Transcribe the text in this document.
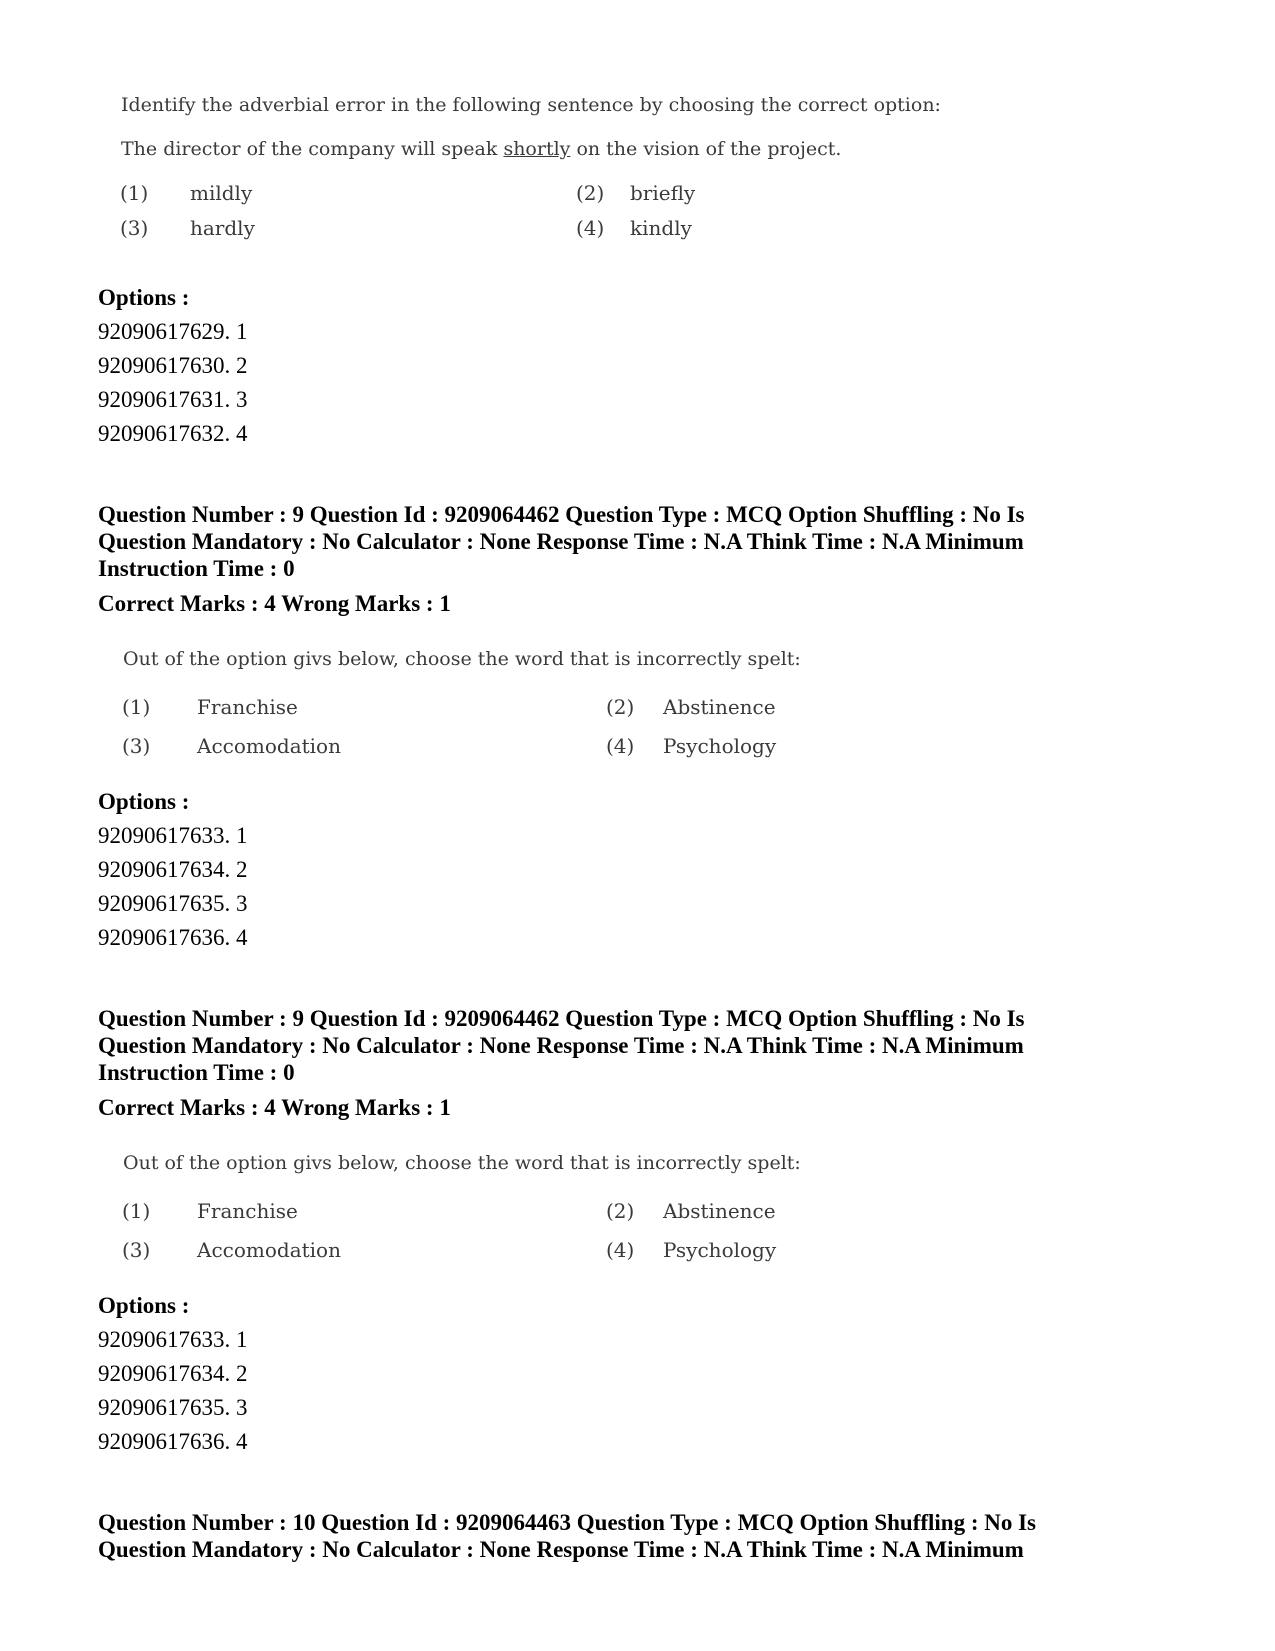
Identify the adverbial error in the following sentence by choosing the correct option:
The director of the company will speak shortly on the vision of the project.
(1) mildly	(2) briefly
(3) hardly	(4) kindly
Options :
92090617629. 1
92090617630. 2
92090617631. 3
92090617632. 4
Question Number : 9 Question Id : 9209064462 Question Type : MCQ Option Shuffling : No Is
Question Mandatory : No Calculator : None Response Time : N.A Think Time : N.A Minimum
Instruction Time : 0
Correct Marks : 4 Wrong Marks : 1
Out of the option givs below, choose the word that is incorrectly spelt:
(1) Franchise	(2) Abstinence
(3) Accomodation	(4) Psychology
Options :
92090617633. 1
92090617634. 2
92090617635. 3
92090617636. 4
Question Number : 9 Question Id : 9209064462 Question Type : MCQ Option Shuffling : No Is
Question Mandatory : No Calculator : None Response Time : N.A Think Time : N.A Minimum
Instruction Time : 0
Correct Marks : 4 Wrong Marks : 1
Out of the option givs below, choose the word that is incorrectly spelt:
(1) Franchise	(2) Abstinence
(3) Accomodation	(4) Psychology
Options :
92090617633. 1
92090617634. 2
92090617635. 3
92090617636. 4
Question Number : 10 Question Id : 9209064463 Question Type : MCQ Option Shuffling : No Is
Question Mandatory : No Calculator : None Response Time : N.A Think Time : N.A Minimum
